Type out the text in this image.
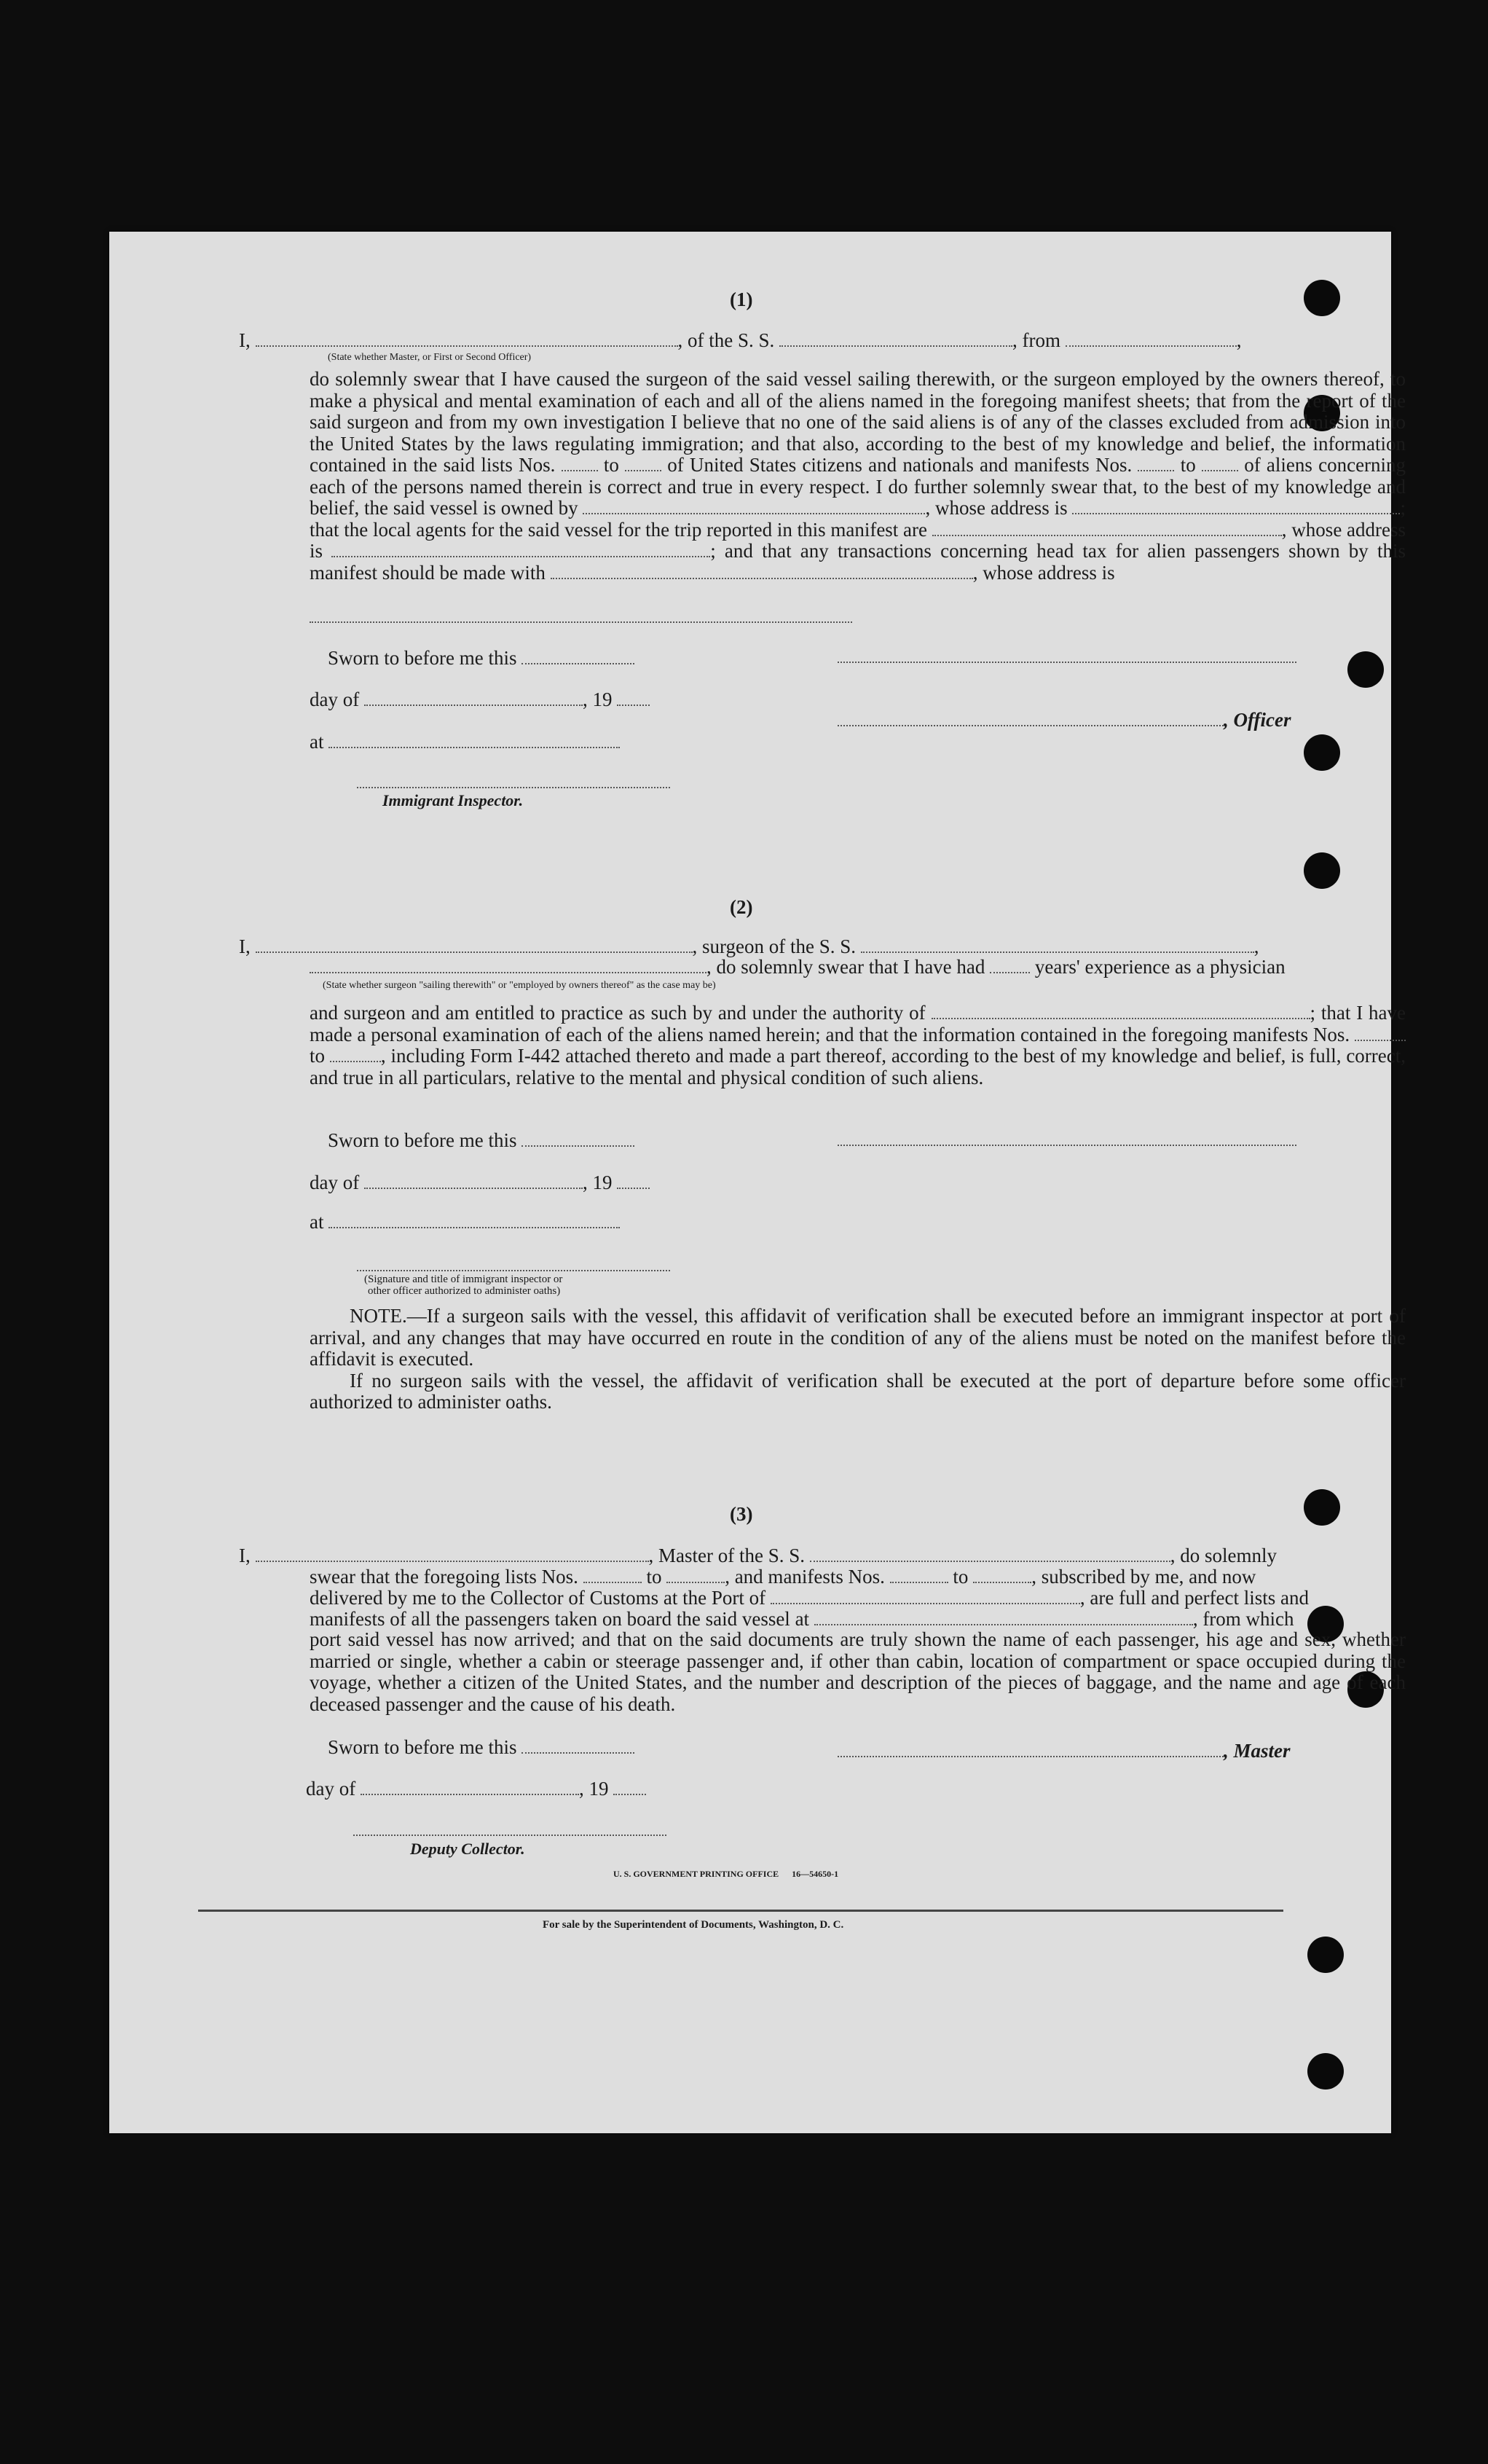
(1)
I,	, of the S. S.	, from	,
(State whether Master, or First or Second Officer)

do solemnly swear that I have caused the surgeon of the said vessel sailing therewith, or the surgeon employed by the owners thereof, to make a physical and mental examination of each and all of the aliens named in the foregoing manifest sheets; that from the report of the said surgeon and from my own investigation I believe that no one of the said aliens is of any of the classes excluded from admission into the United States by the laws regulating immigration; and that also, according to the best of my knowledge and belief, the information contained in the said lists Nos. to of United States citizens and nationals and manifests Nos. to of aliens concerning each of the persons named therein is correct and true in every respect. I do further solemnly swear that, to the best of my knowledge and belief, the said vessel is owned by	, whose address is	; that the local agents for the said vessel for the trip reported in this manifest are	, whose address is	; and that any transactions concerning head tax for alien passengers shown by this manifest should be made with	, whose address is

Sworn to before me this
day of	, 19
, Officer
at
Immigrant Inspector.
(2)
I,	, surgeon of the S. S.	,
, do solemnly swear that I have had	years' experience as a physician
(State whether surgeon "sailing therewith" or "employed by owners thereof" as the case may be)

and surgeon and am entitled to practice as such by and under the authority of	; that I have made a personal examination of each of the aliens named herein; and that the information contained in the foregoing manifests Nos.  to	, including Form I-442 attached thereto and made a part thereof, according to the best of my knowledge and belief, is full, correct, and true in all particulars, relative to the mental and physical condition of such aliens.

Sworn to before me this
day of	, 19
at
(Signature and title of immigrant inspector or
other officer authorized to administer oaths)

NOTE.—If a surgeon sails with the vessel, this affidavit of verification shall be executed before an immigrant inspector at port of arrival, and any changes that may have occurred en route in the condition of any of the aliens must be noted on the manifest before the affidavit is executed.

If no surgeon sails with the vessel, the affidavit of verification shall be executed at the port of departure before some officer authorized to administer oaths.

(3)
I,	, Master of the S. S.	, do solemnly
swear that the foregoing lists Nos.	to	, and manifests Nos.	to	, subscribed by me, and now
delivered by me to the Collector of Customs at the Port of	, are full and perfect lists and
manifests of all the passengers taken on board the said vessel at	, from which

port said vessel has now arrived; and that on the said documents are truly shown the name of each passenger, his age and sex, whether married or single, whether a cabin or steerage passenger and, if other than cabin, location of compartment or space occupied during the voyage, whether a citizen of the United States, and the number and description of the pieces of baggage, and the name and age of each deceased passenger and the cause of his death.

Sworn to before me this	, Master
day of	, 19
Deputy Collector.
U. S. GOVERNMENT PRINTING OFFICE      16—54650-1
For sale by the Superintendent of Documents, Washington, D. C.
